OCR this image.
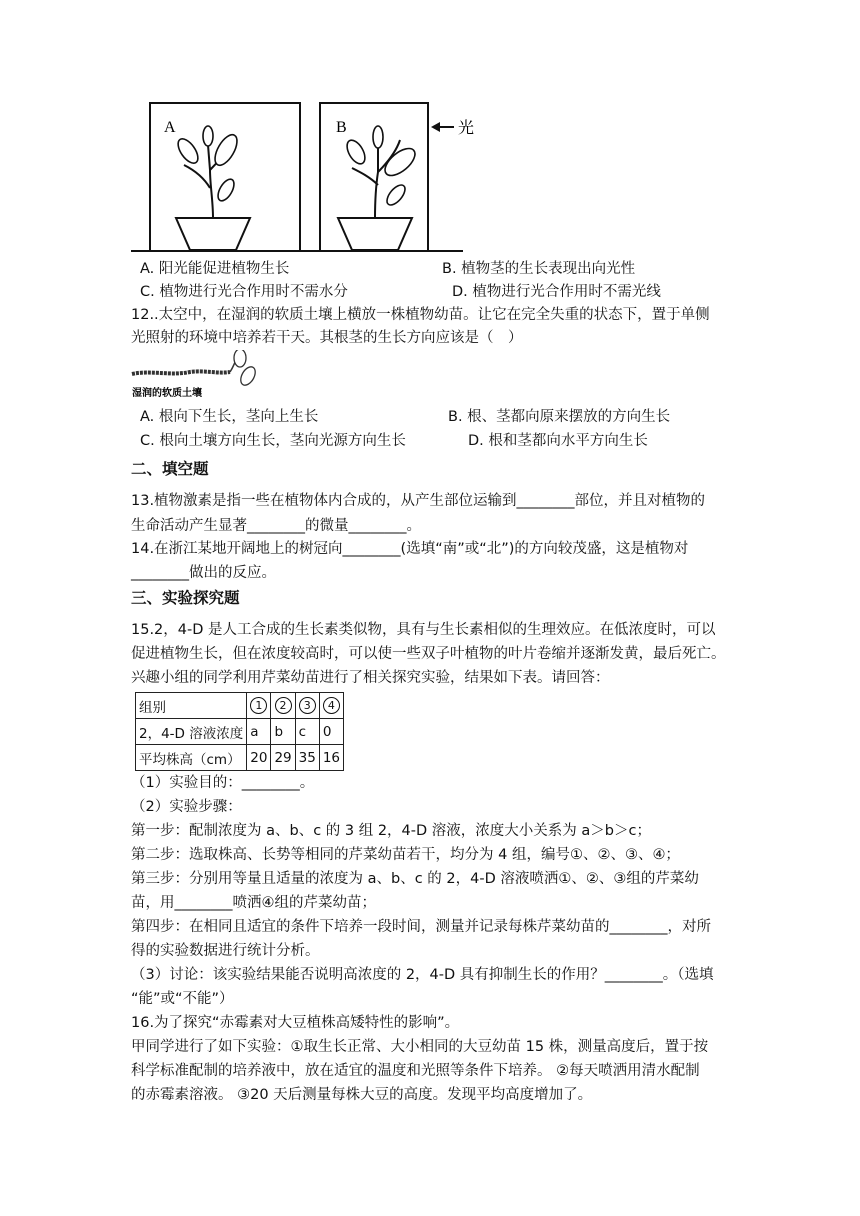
A	B	光
A. 阳光能促进植物生长	B. 植物茎的生长表现出向光性
C. 植物进行光合作用时不需水分	D. 植物进行光合作用时不需光线
12..太空中，在湿润的软质土壤上横放一株植物幼苗。让它在完全失重的状态下，置于单侧
光照射的环境中培养若干天。其根茎的生长方向应该是（　）
湿润的软质土壤
A. 根向下生长，茎向上生长	B. 根、茎都向原来摆放的方向生长
C. 根向土壤方向生长，茎向光源方向生长	D. 根和茎都向水平方向生长
二、填空题
13.植物激素是指一些在植物体内合成的，从产生部位运输到________部位，并且对植物的
生命活动产生显著________的微量________。
14.在浙江某地开阔地上的树冠向________(选填“南”或“北”)的方向较茂盛，这是植物对
________做出的反应。
三、实验探究题
15.2，4-D 是人工合成的生长素类似物，具有与生长素相似的生理效应。在低浓度时，可以
促进植物生长，但在浓度较高时，可以使一些双子叶植物的叶片卷缩并逐渐发黄，最后死亡。
兴趣小组的同学利用芹菜幼苗进行了相关探究实验，结果如下表。请回答：
组别	1	2	3	4
2，4-D 溶液浓度	a	b	c	0
平均株高（cm）	20	29	35	16
（1）实验目的：________。
（2）实验步骤：
第一步：配制浓度为 a、b、c 的 3 组 2，4-D 溶液，浓度大小关系为 a＞b＞c；
第二步：选取株高、长势等相同的芹菜幼苗若干，均分为 4 组，编号①、②、③、④；
第三步：分别用等量且适量的浓度为 a、b、c 的 2，4-D 溶液喷洒①、②、③组的芹菜幼
苗，用________喷洒④组的芹菜幼苗；
第四步：在相同且适宜的条件下培养一段时间，测量并记录每株芹菜幼苗的________，对所
得的实验数据进行统计分析。
（3）讨论：该实验结果能否说明高浓度的 2，4-D 具有抑制生长的作用？________。（选填
“能”或“不能”）
16.为了探究“赤霉素对大豆植株高矮特性的影响”。
甲同学进行了如下实验：①取生长正常、大小相同的大豆幼苗 15 株，测量高度后，置于按
科学标准配制的培养液中，放在适宜的温度和光照等条件下培养。 ②每天喷洒用清水配制
的赤霉素溶液。 ③20 天后测量每株大豆的高度。发现平均高度增加了。
